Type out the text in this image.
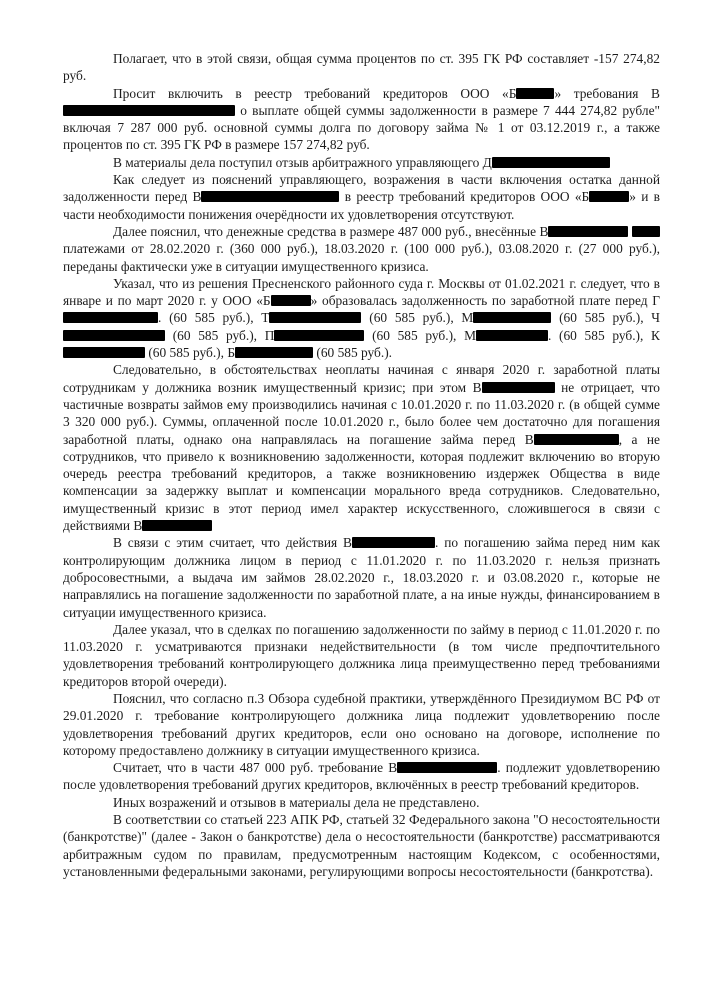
Полагает, что в этой связи, общая сумма процентов по ст. 395 ГК РФ составляет -157 274,82 руб.

Просит включить в реестр требований кредиторов ООО «Б	» требования В о выплате общей суммы задолженности в размере 7 444 274,82 рубле" включая 7 287 000 руб. основной суммы долга по договору займа № 1 от 03.12.2019 г., а также процентов по ст. 395 ГК РФ в размере 157 274,82 руб.

В материалы дела поступил отзыв арбитражного управляющего Д

Как следует из пояснений управляющего, возражения в части включения остатка данной задолженности перед В	в реестр требований кредиторов ООО «Б	» и в части необходимости понижения очерёдности их удовлетворения отсутствуют.

Далее пояснил, что денежные средства в размере 487 000 руб., внесённые В  платежами от 28.02.2020 г. (360 000 руб.), 18.03.2020 г. (100 000 руб.), 03.08.2020 г. (27 000 руб.), переданы фактически уже в ситуации имущественного кризиса.

Указал, что из решения Пресненского районного суда г. Москвы от 01.02.2021 г. следует, что в январе и по март 2020 г. у ООО «Б	» образовалась задолженность по заработной плате перед Г. (60 585 руб.), Т	(60 585 руб.), М	(60 585 руб.), Ч (60 585 руб.), П	(60 585 руб.), М	. (60 585 руб.), К (60 585 руб.), Б	(60 585 руб.).

Следовательно, в обстоятельствах неоплаты начиная с января 2020 г. заработной платы сотрудникам у должника возник имущественный кризис; при этом В	не отрицает, что частичные возвраты займов ему производились начиная с 10.01.2020 г. по 11.03.2020 г. (в общей сумме 3 320 000 руб.). Суммы, оплаченной после 10.01.2020 г., было более чем достаточно для погашения заработной платы, однако она направлялась на погашение займа перед В	, а не сотрудников, что привело к возникновению задолженности, которая подлежит включению во вторую очередь реестра требований кредиторов, а также возникновению издержек Общества в виде компенсации за задержку выплат и компенсации морального вреда сотрудников. Следовательно, имущественный кризис в этот период имел характер искусственного, сложившегося в связи с действиями В

В связи с этим считает, что действия В	. по погашению займа перед ним как контролирующим должника лицом в период с 11.01.2020 г. по 11.03.2020 г. нельзя признать добросовестными, а выдача им займов 28.02.2020 г., 18.03.2020 г. и 03.08.2020 г., которые не направлялись на погашение задолженности по заработной плате, а на иные нужды, финансированием в ситуации имущественного кризиса.

Далее указал, что в сделках по погашению задолженности по займу в период с 11.01.2020 г. по 11.03.2020 г. усматриваются признаки недействительности (в том числе предпочтительного удовлетворения требований контролирующего должника лица преимущественно перед требованиями кредиторов второй очереди).

Пояснил, что согласно п.3 Обзора судебной практики, утверждённого Президиумом ВС РФ от 29.01.2020 г. требование контролирующего должника лица подлежит удовлетворению после удовлетворения требований других кредиторов, если оно основано на договоре, исполнение по которому предоставлено должнику в ситуации имущественного кризиса.

Считает, что в части 487 000 руб. требование В	. подлежит удовлетворению после удовлетворения требований других кредиторов, включённых в реестр требований кредиторов.

Иных возражений и отзывов в материалы дела не представлено.

В соответствии со статьей 223 АПК РФ, статьей 32 Федерального закона "О несостоятельности (банкротстве)" (далее - Закон о банкротстве) дела о несостоятельности (банкротстве) рассматриваются арбитражным судом по правилам, предусмотренным настоящим Кодексом, с особенностями, установленными федеральными законами, регулирующими вопросы несостоятельности (банкротства).
